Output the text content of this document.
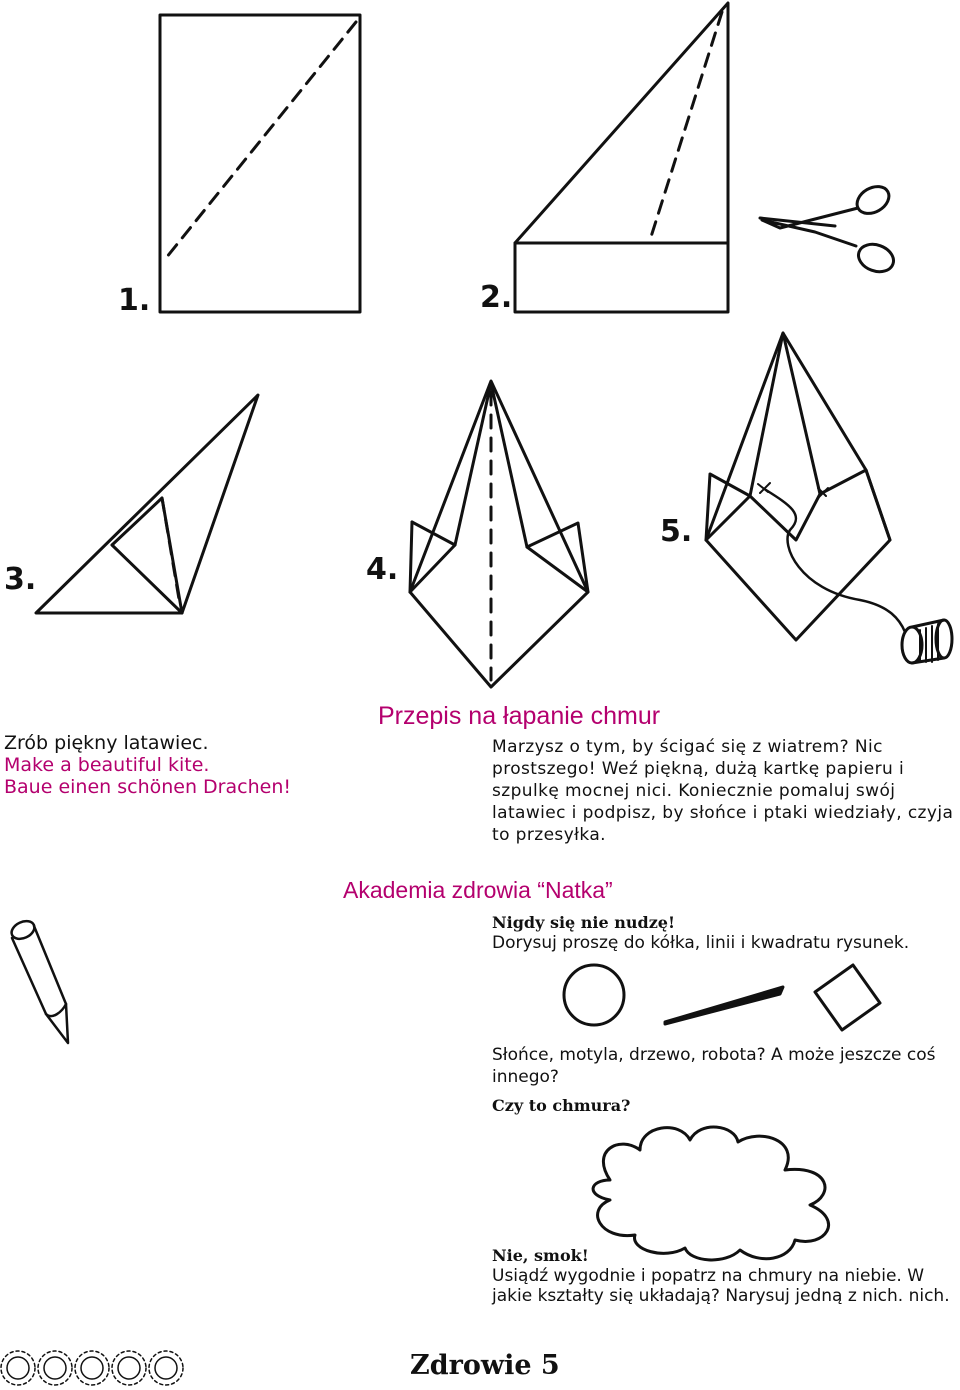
1.	2.
3.	4.
5.
Zrób piękny latawiec.
Make a beautiful kite.
Baue einen schönen Drachen!
Przepis na łapanie chmur
Marzysz o tym, by ścigać się z wiatrem? Nic prostszego! Weź piękną, dużą kartkę papieru i szpulkę mocnej nici. Koniecznie pomaluj swój latawiec i podpisz, by słońce i ptaki wiedziały, czyja to przesyłka.
Akademia zdrowia “Natka”
Nigdy się nie nudzę!
Dorysuj proszę do kółka, linii i kwadratu rysunek.
Słońce, motyla, drzewo, robota? A może jeszcze coś innego?
Czy to chmura?
Nie, smok!
Usiądź wygodnie i popatrz na chmury na niebie. W jakie kształty się układają? Narysuj jedną z nich. nich.
Zdrowie 5
